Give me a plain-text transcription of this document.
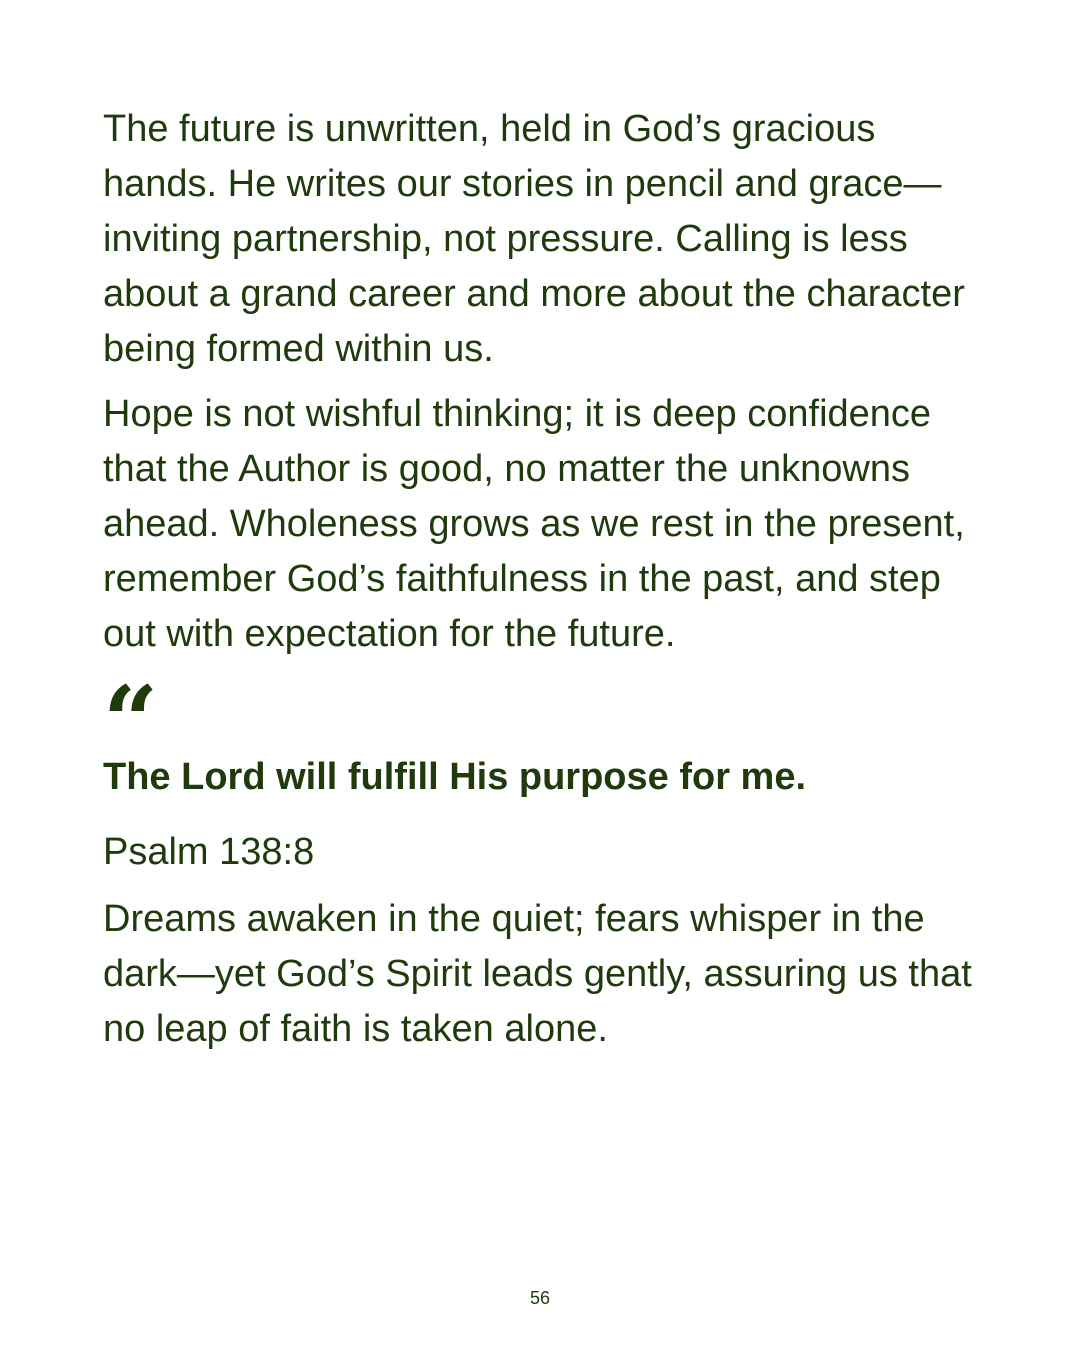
The future is unwritten, held in God’s gracious hands. He writes our stories in pencil and grace—inviting partnership, not pressure. Calling is less about a grand career and more about the character being formed within us.

Hope is not wishful thinking; it is deep confidence that the Author is good, no matter the unknowns ahead. Wholeness grows as we rest in the present, remember God’s faithfulness in the past, and step out with expectation for the future.

“

The Lord will fulfill His purpose for me.

Psalm 138:8

Dreams awaken in the quiet; fears whisper in the dark—yet God’s Spirit leads gently, assuring us that no leap of faith is taken alone.

56
